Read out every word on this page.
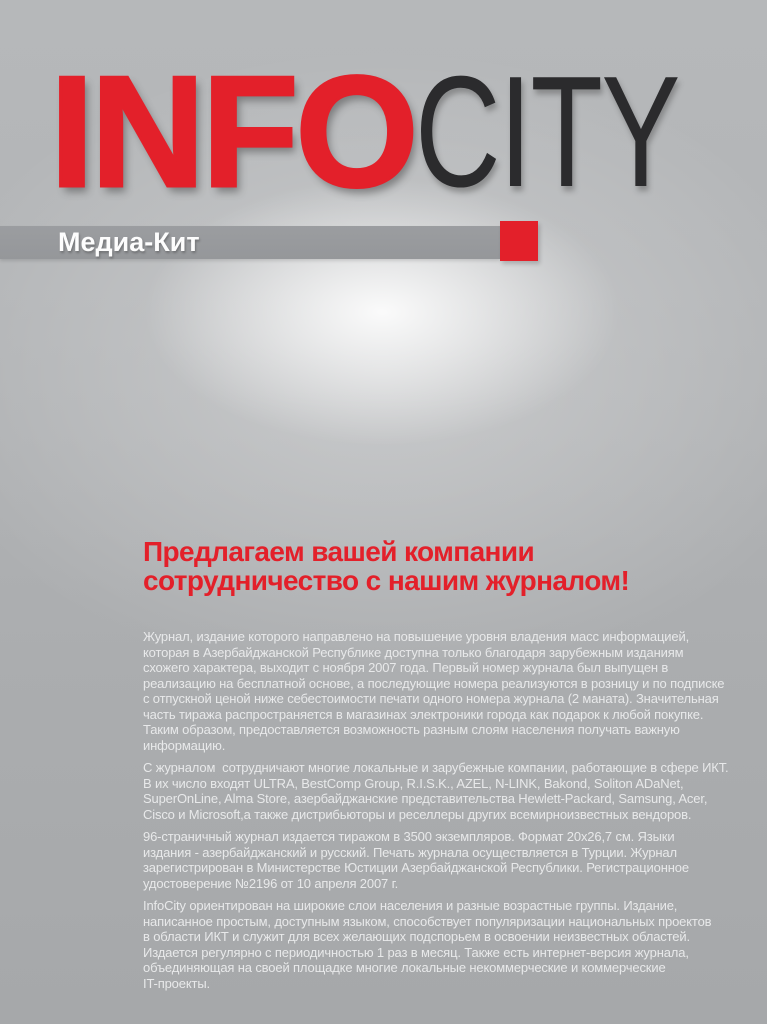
INFOCITY
Медиа-Кит
Предлагаем вашей компании
сотрудничество с нашим журналом!
Журнал, издание которого направлено на повышение уровня владения масс информацией,
которая в Азербайджанской Республике доступна только благодаря зарубежным изданиям
схожего характера, выходит с ноября 2007 года. Первый номер журнала был выпущен в
реализацию на бесплатной основе, а последующие номера реализуются в розницу и по подписке
с отпускной ценой ниже себестоимости печати одного номера журнала (2 маната). Значительная
часть тиража распространяется в магазинах электроники города как подарок к любой покупке.
Таким образом, предоставляется возможность разным слоям населения получать важную
информацию.
С журналом  сотрудничают многие локальные и зарубежные компании, работающие в сфере ИКТ.
В их число входят ULTRA, BestComp Group, R.I.S.K., AZEL, N-LINK, Bakond, Soliton ADaNet,
SuperOnLine, Alma Store, азербайджанские представительства Hewlett-Packard, Samsung, Acer,
Cisco и Microsoft,а также дистрибьюторы и реселлеры других всемирноизвестных вендоров.
96-страничный журнал издается тиражом в 3500 экземпляров. Формат 20х26,7 см. Языки
издания - азербайджанский и русский. Печать журнала осуществляется в Турции. Журнал
зарегистрирован в Министерстве Юстиции Азербайджанской Республики. Регистрационное
удостоверение №2196 от 10 апреля 2007 г.
InfoCity ориентирован на широкие слои населения и разные возрастные группы. Издание,
написанное простым, доступным языком, способствует популяризации национальных проектов
в области ИКТ и служит для всех желающих подспорьем в освоении неизвестных областей.
Издается регулярно с периодичностью 1 раз в месяц. Также есть интернет-версия журнала,
объединяющая на своей площадке многие локальные некоммерческие и коммерческие
IT-проекты.
